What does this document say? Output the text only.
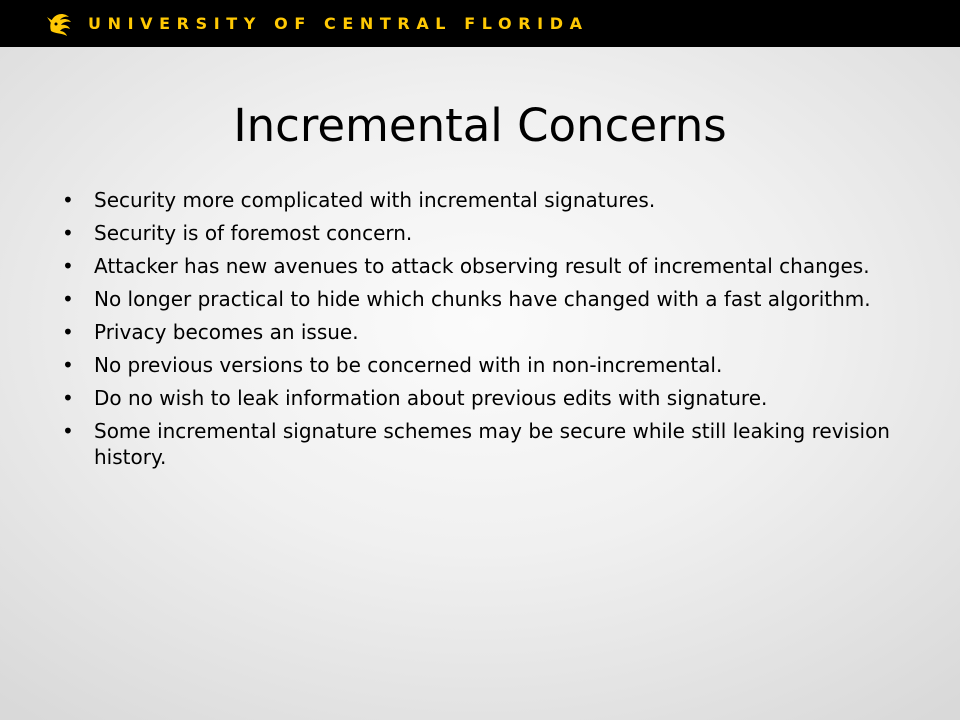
UNIVERSITY OF CENTRAL FLORIDA
Incremental Concerns
• Security more complicated with incremental signatures.
• Security is of foremost concern.
• Attacker has new avenues to attack observing result of incremental changes.
• No longer practical to hide which chunks have changed with a fast algorithm.
• Privacy becomes an issue.
• No previous versions to be concerned with in non-incremental.
• Do no wish to leak information about previous edits with signature.
• Some incremental signature schemes may be secure while still leaking revision history.
